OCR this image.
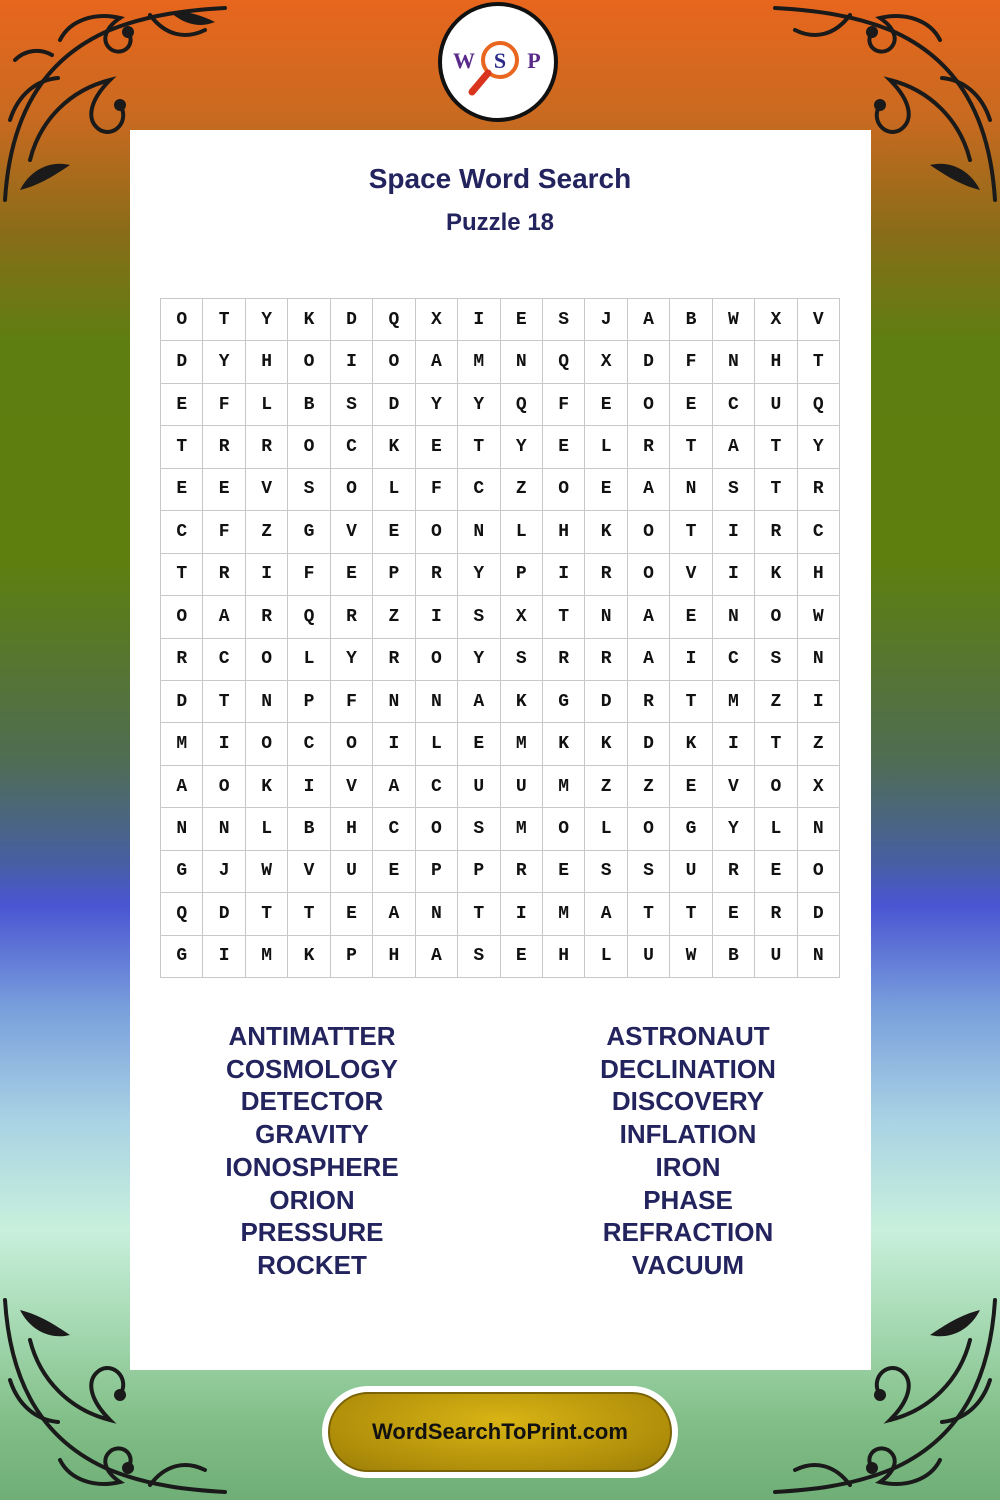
W S P
Space Word Search
Puzzle 18
O	T	Y	K	D	Q	X	I	E	S	J	A	B	W	X	V
D	Y	H	O	I	O	A	M	N	Q	X	D	F	N	H	T
E	F	L	B	S	D	Y	Y	Q	F	E	O	E	C	U	Q
T	R	R	O	C	K	E	T	Y	E	L	R	T	A	T	Y
E	E	V	S	O	L	F	C	Z	O	E	A	N	S	T	R
C	F	Z	G	V	E	O	N	L	H	K	O	T	I	R	C
T	R	I	F	E	P	R	Y	P	I	R	O	V	I	K	H
O	A	R	Q	R	Z	I	S	X	T	N	A	E	N	O	W
R	C	O	L	Y	R	O	Y	S	R	R	A	I	C	S	N
D	T	N	P	F	N	N	A	K	G	D	R	T	M	Z	I
M	I	O	C	O	I	L	E	M	K	K	D	K	I	T	Z
A	O	K	I	V	A	C	U	U	M	Z	Z	E	V	O	X
N	N	L	B	H	C	O	S	M	O	L	O	G	Y	L	N
G	J	W	V	U	E	P	P	R	E	S	S	U	R	E	O
Q	D	T	T	E	A	N	T	I	M	A	T	T	E	R	D
G	I	M	K	P	H	A	S	E	H	L	U	W	B	U	N
ANTIMATTER
COSMOLOGY
DETECTOR
GRAVITY
IONOSPHERE
ORION
PRESSURE
ROCKET
ASTRONAUT
DECLINATION
DISCOVERY
INFLATION
IRON
PHASE
REFRACTION
VACUUM
WordSearchToPrint.com
